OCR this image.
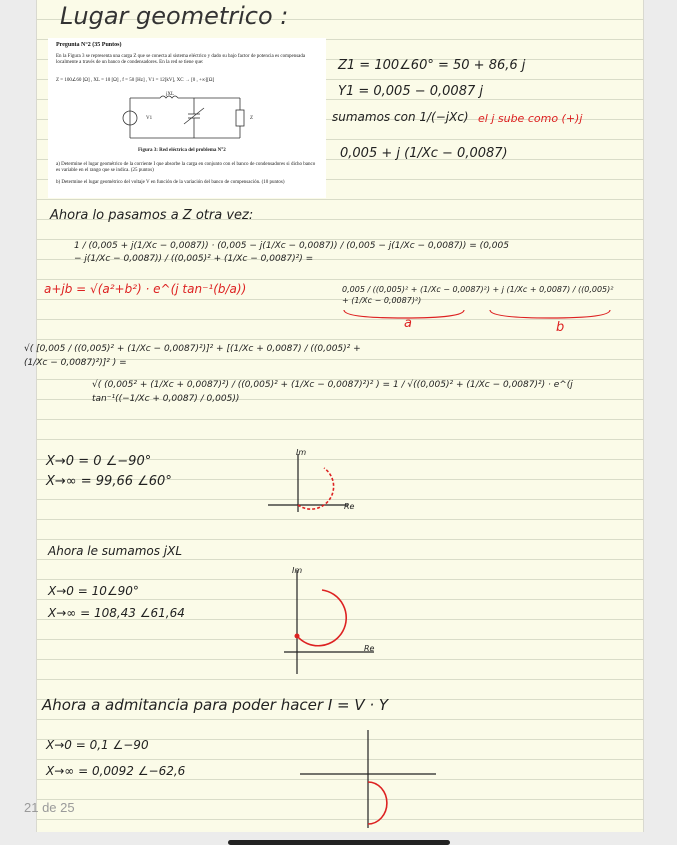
Lugar geometrico :
Pregunta N°2 (35 Puntos)
En la Figura 3 se representa una carga Z que se conecta al sistema eléctrico y dado su bajo factor de potencia es compensada localmente a través de un banco de condensadores. En la red se tiene que:
Z = 100∠60 [Ω] , XL = 10 [Ω] , f = 50 [Hz] , V1 = 12[kV], XC → [0 , +∞][Ω]
jXL
V1	Z
Figura 3: Red eléctrica del problema N°2
a) Determine el lugar geométrico de la corriente I que absorbe la carga en conjunto con el banco de condensadores si dicho banco es variable en el rango que se indica. (25 puntos)
b) Determine el lugar geométrico del voltaje V en función de la variación del banco de compensación. (10 puntos)
Z1 = 100∠60° = 50 + 86,6 j
Y1 = 0,005 − 0,0087 j
sumamos con 1/(−jXc) el j sube como (+)j
0,005 + j (1/Xc − 0,0087)
Ahora lo pasamos a Z otra vez:
1 / (0,005 + j(1/Xc − 0,0087)) · (0,005 − j(1/Xc − 0,0087)) / (0,005 − j(1/Xc − 0,0087)) = (0,005 − j(1/Xc − 0,0087)) / ((0,005)² + (1/Xc − 0,0087)²) =
a+jb = √(a²+b²) · e^(j tan⁻¹(b/a))	0,005 / ((0,005)² + (1/Xc − 0,0087)²) + j (1/Xc + 0,0087) / ((0,005)² + (1/Xc − 0,0087)²)
a	b
√( [0,005 / ((0,005)² + (1/Xc − 0,0087)²)]² + [(1/Xc + 0,0087) / ((0,005)² + (1/Xc − 0,0087)²)]² ) =
√( (0,005² + (1/Xc + 0,0087)²) / ((0,005)² + (1/Xc − 0,0087)²)² ) = 1 / √((0,005)² + (1/Xc − 0,0087)²) · e^(j tan⁻¹((−1/Xc + 0,0087) / 0,005))
X→0 = 0 ∠−90°
X→∞ = 99,66 ∠60°
Im
Re
Ahora le sumamos jXL
X→0 = 10∠90°
X→∞ = 108,43 ∠61,64
Im
Re
Ahora a admitancia para poder hacer I = V · Y
X→0 = 0,1 ∠−90
X→∞ = 0,0092 ∠−62,6
21 de 25
